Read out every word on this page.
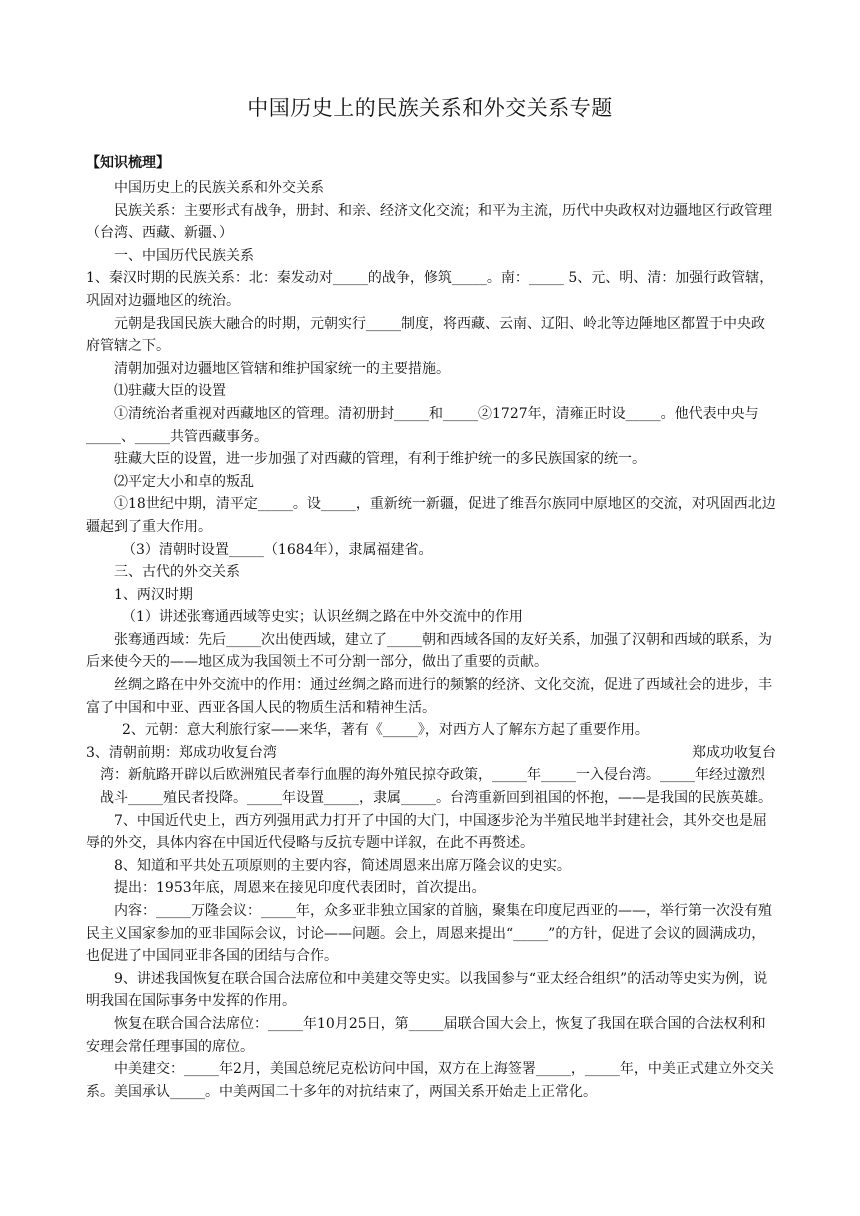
中国历史上的民族关系和外交关系专题
【知识梳理】

中国历史上的民族关系和外交关系

民族关系：主要形式有战争，册封、和亲、经济文化交流；和平为主流，历代中央政权对边疆地区行政管理（台湾、西藏、新疆、）

一、中国历代民族关系

1、秦汉时期的民族关系：北：秦发动对_____的战争，修筑_____。南：_____ 5、元、明、清：加强行政管辖，巩固对边疆地区的统治。

元朝是我国民族大融合的时期，元朝实行_____制度，将西藏、云南、辽阳、岭北等边陲地区都置于中央政府管辖之下。

清朝加强对边疆地区管辖和维护国家统一的主要措施。

⑴驻藏大臣的设置

①清统治者重视对西藏地区的管理。清初册封_____和_____②1727年，清雍正时设_____。他代表中央与_____、_____共管西藏事务。

驻藏大臣的设置，进一步加强了对西藏的管理，有利于维护统一的多民族国家的统一。

⑵平定大小和卓的叛乱

①18世纪中期，清平定_____。设_____，重新统一新疆，促进了维吾尔族同中原地区的交流，对巩固西北边疆起到了重大作用。

（3）清朝时设置_____（1684年），隶属福建省。

三、古代的外交关系

1、两汉时期

（1）讲述张骞通西域等史实；认识丝绸之路在中外交流中的作用

张骞通西域：先后_____次出使西域，建立了_____朝和西域各国的友好关系，加强了汉朝和西域的联系，为后来使今天的——地区成为我国领土不可分割一部分，做出了重要的贡献。

丝绸之路在中外交流中的作用：通过丝绸之路而进行的频繁的经济、文化交流，促进了西域社会的进步，丰富了中国和中亚、西亚各国人民的物质生活和精神生活。

2、元朝：意大利旅行家——来华，著有《_____》，对西方人了解东方起了重要作用。

3、清朝前期：郑成功收复台湾	郑成功收复台

湾：新航路开辟以后欧洲殖民者奉行血腥的海外殖民掠夺政策，_____年_____一入侵台湾。_____年经过激烈战斗_____殖民者投降。_____年设置_____，隶属_____。台湾重新回到祖国的怀抱，——是我国的民族英雄。

7、中国近代史上，西方列强用武力打开了中国的大门，中国逐步沦为半殖民地半封建社会，其外交也是屈辱的外交，具体内容在中国近代侵略与反抗专题中详叙，在此不再赘述。

8、知道和平共处五项原则的主要内容，简述周恩来出席万隆会议的史实。

提出：1953年底，周恩来在接见印度代表团时，首次提出。

内容：_____万隆会议：_____年，众多亚非独立国家的首脑，聚集在印度尼西亚的——，举行第一次没有殖民主义国家参加的亚非国际会议，讨论——问题。会上，周恩来提出“_____”的方针，促进了会议的圆满成功，也促进了中国同亚非各国的团结与合作。

9、讲述我国恢复在联合国合法席位和中美建交等史实。以我国参与“亚太经合组织”的活动等史实为例，说明我国在国际事务中发挥的作用。

恢复在联合国合法席位：_____年10月25日，第_____届联合国大会上，恢复了我国在联合国的合法权利和安理会常任理事国的席位。

中美建交：_____年2月，美国总统尼克松访问中国，双方在上海签署_____，_____年，中美正式建立外交关系。美国承认_____。中美两国二十多年的对抗结束了，两国关系开始走上正常化。
